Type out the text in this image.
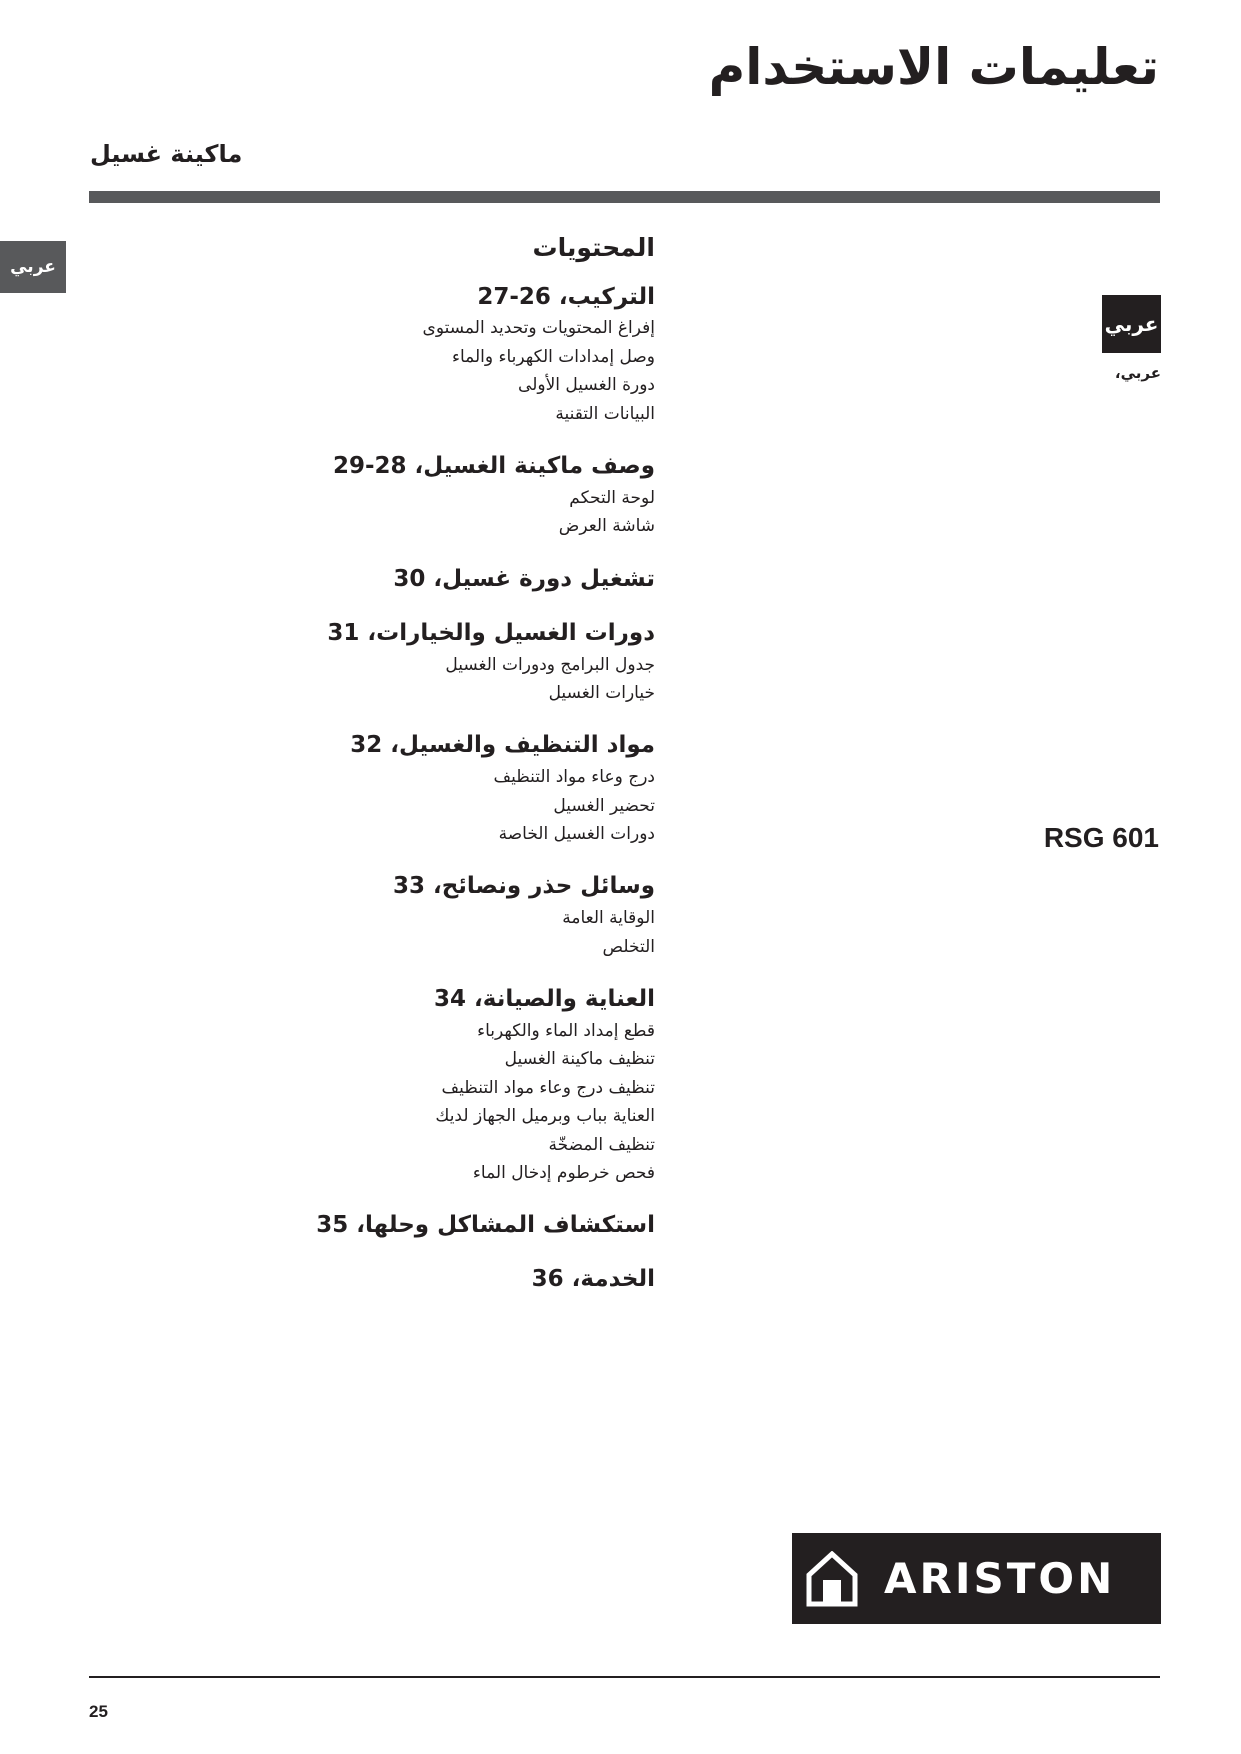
تعليمات الاستخدام
ماكينة غسيل
عربي
عربي
عربي،
RSG 601
المحتويات
التركيب، 26-27
إفراغ المحتويات وتحديد المستوى
وصل إمدادات الكهرباء والماء
دورة الغسيل الأولى
البيانات التقنية
وصف ماكينة الغسيل، 28-29
لوحة التحكم
شاشة العرض
تشغيل دورة غسيل، 30
دورات الغسيل والخيارات، 31
جدول البرامج ودورات الغسيل
خيارات الغسيل
مواد التنظيف والغسيل، 32
درج وعاء مواد التنظيف
تحضير الغسيل
دورات الغسيل الخاصة
وسائل حذر ونصائح، 33
الوقاية العامة
التخلص
العناية والصيانة، 34
قطع إمداد الماء والكهرباء
تنظيف ماكينة الغسيل
تنظيف درج وعاء مواد التنظيف
العناية بباب وبرميل الجهاز لديك
تنظيف المضخّة
فحص خرطوم إدخال الماء
استكشاف المشاكل وحلها، 35
الخدمة، 36
ARISTON
25
